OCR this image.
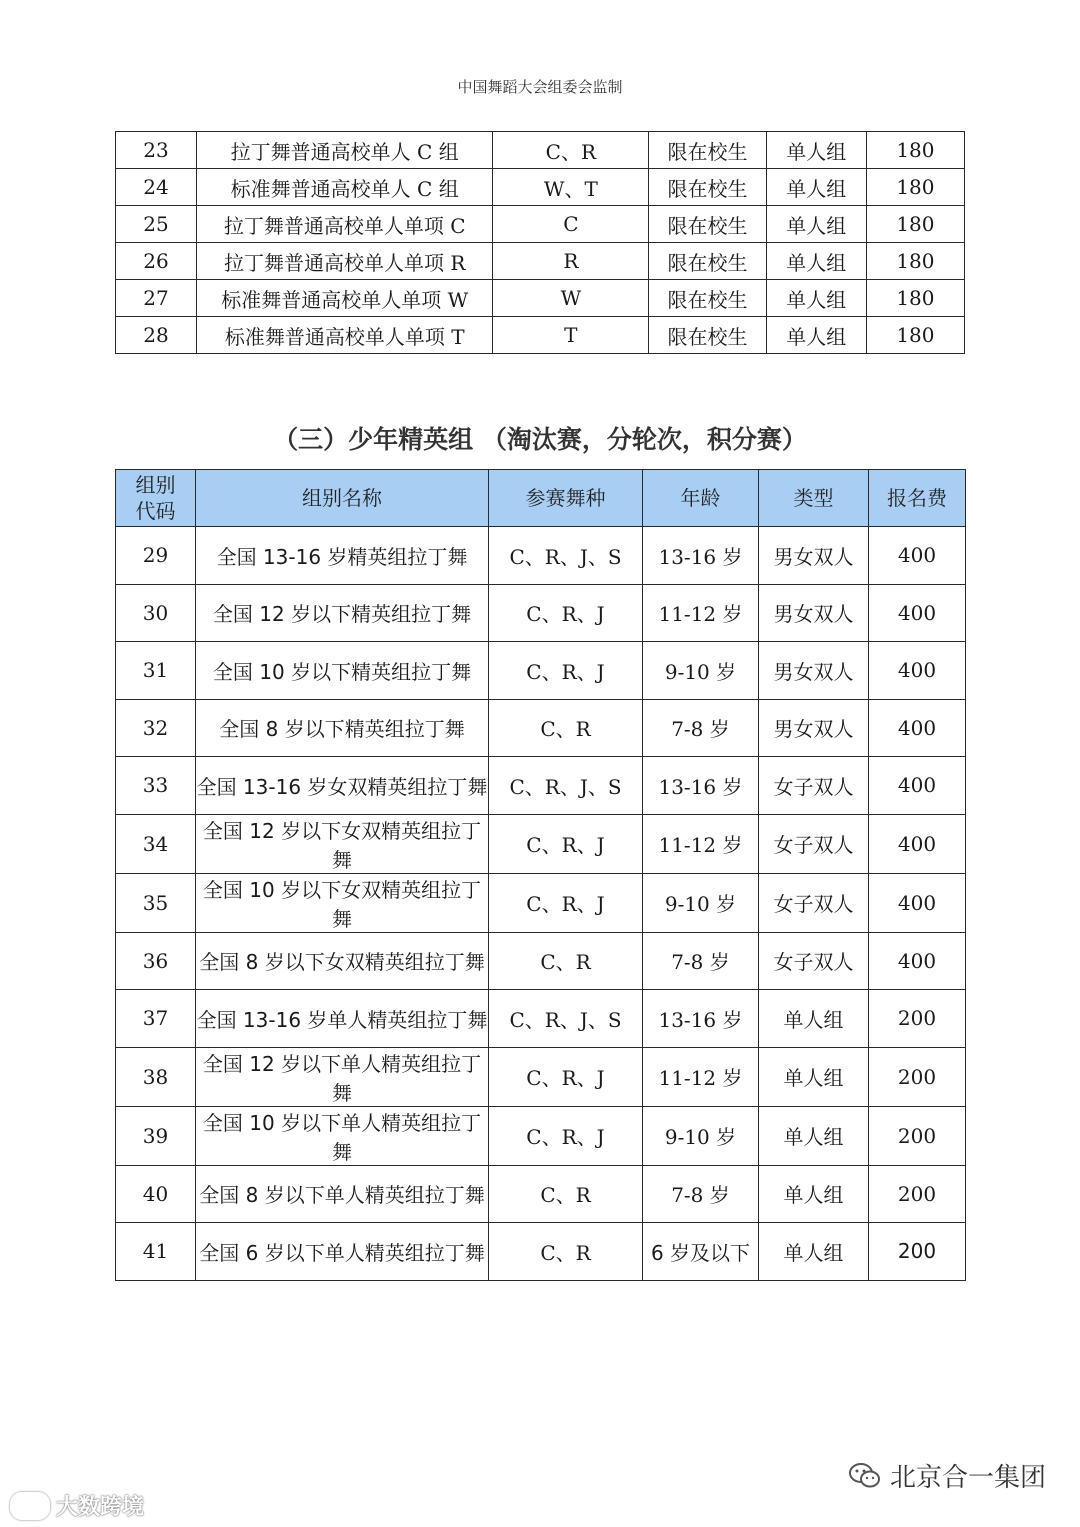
中国舞蹈大会组委会监制
23	拉丁舞普通高校单人 C 组	C、R	限在校生	单人组	180
24	标准舞普通高校单人 C 组	W、T	限在校生	单人组	180
25	拉丁舞普通高校单人单项 C	C	限在校生	单人组	180
26	拉丁舞普通高校单人单项 R	R	限在校生	单人组	180
27	标准舞普通高校单人单项 W	W	限在校生	单人组	180
28	标准舞普通高校单人单项 T	T	限在校生	单人组	180
（三）少年精英组 （淘汰赛，分轮次，积分赛）
组别
代码	组别名称	参赛舞种	年龄	类型	报名费
29	全国 13-16 岁精英组拉丁舞	C、R、J、S	13-16 岁	男女双人	400
30	全国 12 岁以下精英组拉丁舞	C、R、J	11-12 岁	男女双人	400
31	全国 10 岁以下精英组拉丁舞	C、R、J	9-10 岁	男女双人	400
32	全国 8 岁以下精英组拉丁舞	C、R	7-8 岁	男女双人	400
33	全国 13-16 岁女双精英组拉丁舞	C、R、J、S	13-16 岁	女子双人	400
34	全国 12 岁以下女双精英组拉丁舞	C、R、J	11-12 岁	女子双人	400
35	全国 10 岁以下女双精英组拉丁舞	C、R、J	9-10 岁	女子双人	400
36	全国 8 岁以下女双精英组拉丁舞	C、R	7-8 岁	女子双人	400
37	全国 13-16 岁单人精英组拉丁舞	C、R、J、S	13-16 岁	单人组	200
38	全国 12 岁以下单人精英组拉丁舞	C、R、J	11-12 岁	单人组	200
39	全国 10 岁以下单人精英组拉丁舞	C、R、J	9-10 岁	单人组	200
40	全国 8 岁以下单人精英组拉丁舞	C、R	7-8 岁	单人组	200
41	全国 6 岁以下单人精英组拉丁舞	C、R	6 岁及以下	单人组	200
大数跨境
北京合一集团
